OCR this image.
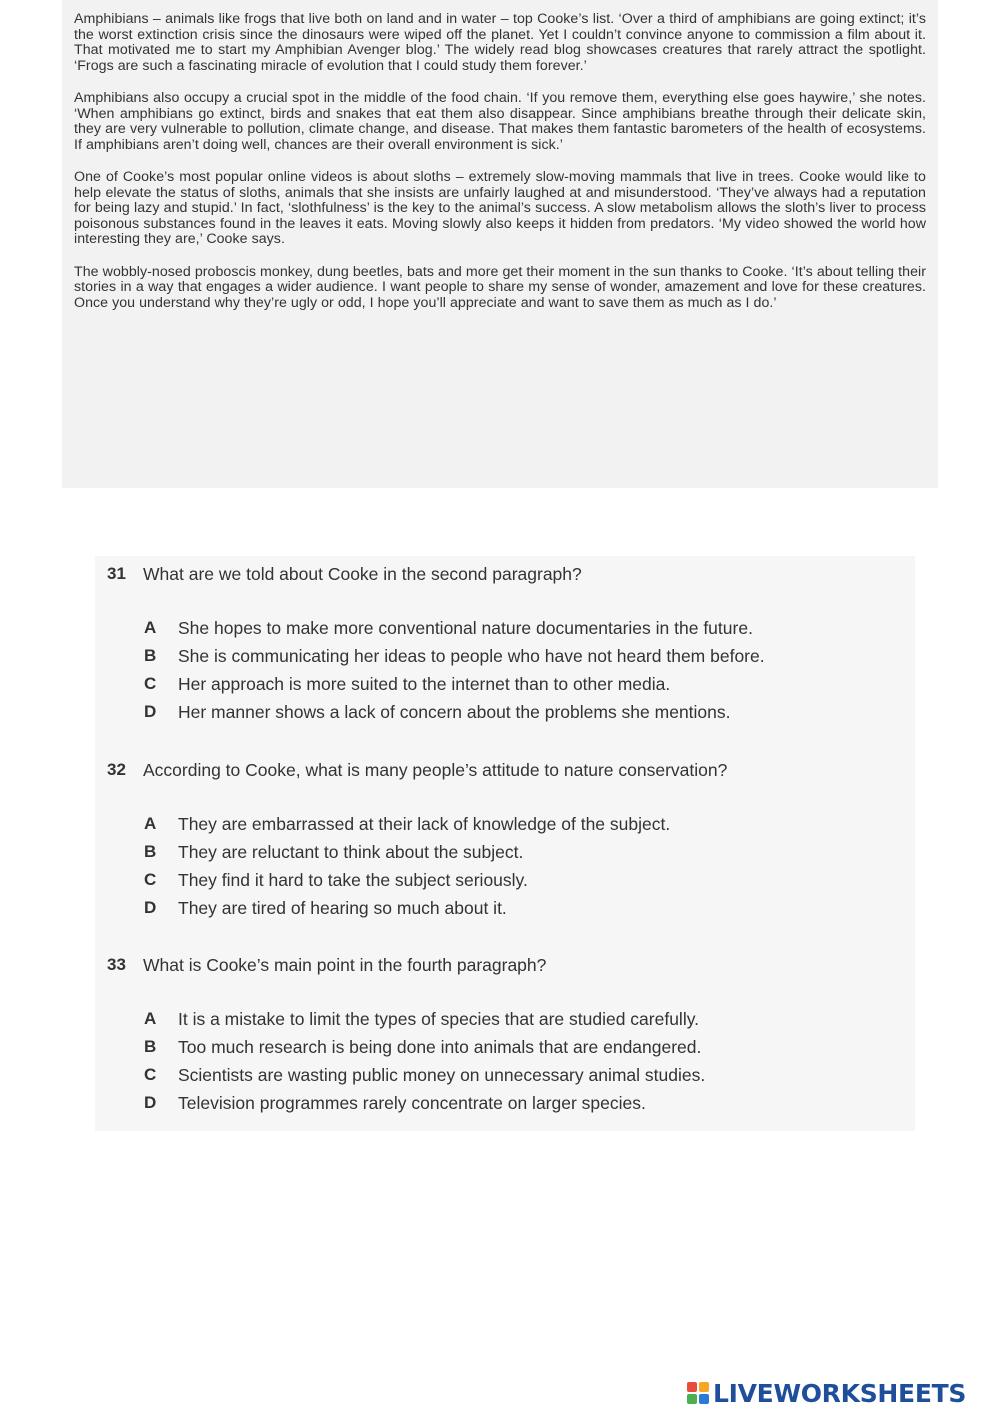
Amphibians – animals like frogs that live both on land and in water – top Cooke’s list. ‘Over a third of amphibians are going extinct; it’s the worst extinction crisis since the dinosaurs were wiped off the planet. Yet I couldn’t convince anyone to commission a film about it. That motivated me to start my Amphibian Avenger blog.’ The widely read blog showcases creatures that rarely attract the spotlight. ‘Frogs are such a fascinating miracle of evolution that I could study them forever.’

Amphibians also occupy a crucial spot in the middle of the food chain. ‘If you remove them, everything else goes haywire,’ she notes. ‘When amphibians go extinct, birds and snakes that eat them also disappear. Since amphibians breathe through their delicate skin, they are very vulnerable to pollution, climate change, and disease. That makes them fantastic barometers of the health of ecosystems. If amphibians aren’t doing well, chances are their overall environment is sick.’

One of Cooke’s most popular online videos is about sloths – extremely slow-moving mammals that live in trees. Cooke would like to help elevate the status of sloths, animals that she insists are unfairly laughed at and misunderstood. ‘They’ve always had a reputation for being lazy and stupid.’ In fact, ‘slothfulness’ is the key to the animal’s success. A slow metabolism allows the sloth’s liver to process poisonous substances found in the leaves it eats. Moving slowly also keeps it hidden from predators. ‘My video showed the world how interesting they are,’ Cooke says.

The wobbly-nosed proboscis monkey, dung beetles, bats and more get their moment in the sun thanks to Cooke. ‘It’s about telling their stories in a way that engages a wider audience. I want people to share my sense of wonder, amazement and love for these creatures. Once you understand why they’re ugly or odd, I hope you’ll appreciate and want to save them as much as I do.’

31 What are we told about Cooke in the second paragraph?
A She hopes to make more conventional nature documentaries in the future.
B She is communicating her ideas to people who have not heard them before.
C Her approach is more suited to the internet than to other media.
D Her manner shows a lack of concern about the problems she mentions.
32 According to Cooke, what is many people’s attitude to nature conservation?
A They are embarrassed at their lack of knowledge of the subject.
B They are reluctant to think about the subject.
C They find it hard to take the subject seriously.
D They are tired of hearing so much about it.
33 What is Cooke’s main point in the fourth paragraph?
A It is a mistake to limit the types of species that are studied carefully.
B Too much research is being done into animals that are endangered.
C Scientists are wasting public money on unnecessary animal studies.
D Television programmes rarely concentrate on larger species.
LIVEWORKSHEETS
